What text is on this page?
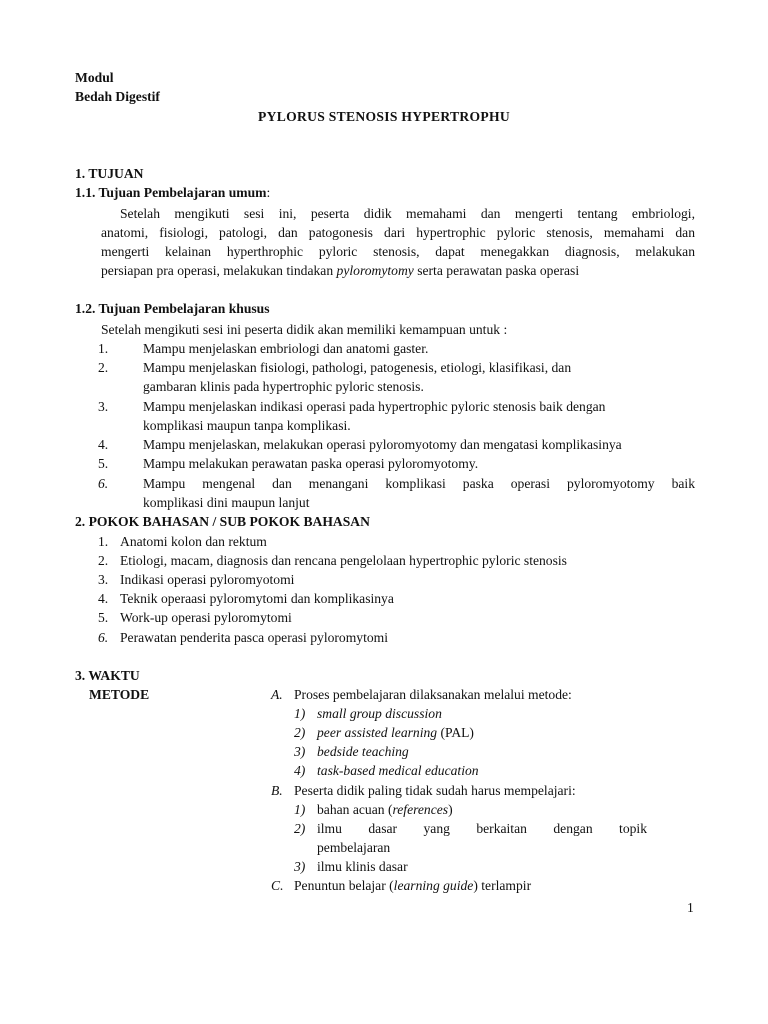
Modul
Bedah Digestif
PYLORUS STENOSIS HYPERTROPHU
1. TUJUAN
1.1. Tujuan Pembelajaran umum:
Setelah mengikuti sesi ini, peserta didik memahami dan mengerti tentang embriologi,
anatomi, fisiologi, patologi, dan patogonesis dari hypertrophic pyloric stenosis, memahami dan
mengerti kelainan hyperthrophic pyloric stenosis, dapat menegakkan diagnosis, melakukan
persiapan pra operasi, melakukan tindakan pyloromytomy serta perawatan paska operasi
1.2. Tujuan Pembelajaran khusus
Setelah mengikuti sesi ini peserta didik akan memiliki kemampuan untuk :
1.	Mampu menjelaskan embriologi dan anatomi gaster.
2.	Mampu menjelaskan fisiologi, pathologi, patogenesis, etiologi, klasifikasi, dan
gambaran klinis pada hypertrophic pyloric stenosis.
3.	Mampu menjelaskan indikasi operasi pada hypertrophic pyloric stenosis baik dengan
komplikasi maupun tanpa komplikasi.
4.	Mampu menjelaskan, melakukan operasi pyloromyotomy dan mengatasi komplikasinya
5.	Mampu melakukan perawatan paska operasi pyloromyotomy.
6.	Mampu mengenal dan menangani komplikasi paska operasi pyloromyotomy baik
komplikasi dini maupun lanjut
2. POKOK BAHASAN / SUB POKOK BAHASAN
1. Anatomi kolon dan rektum
2. Etiologi, macam, diagnosis dan rencana pengelolaan hypertrophic pyloric stenosis
3. Indikasi operasi pyloromyotomi
4. Teknik operaasi pyloromytomi dan komplikasinya
5. Work-up operasi pyloromytomi
6. Perawatan penderita pasca operasi pyloromytomi
3. WAKTU
METODE	A. Proses pembelajaran dilaksanakan melalui metode:
1) small group discussion
2) peer assisted learning (PAL)
3) bedside teaching
4) task-based medical education
B. Peserta didik paling tidak sudah harus mempelajari:
1) bahan acuan (references)
2) ilmu dasar yang berkaitan dengan topik
pembelajaran
3) ilmu klinis dasar
C. Penuntun belajar (learning guide) terlampir
1
